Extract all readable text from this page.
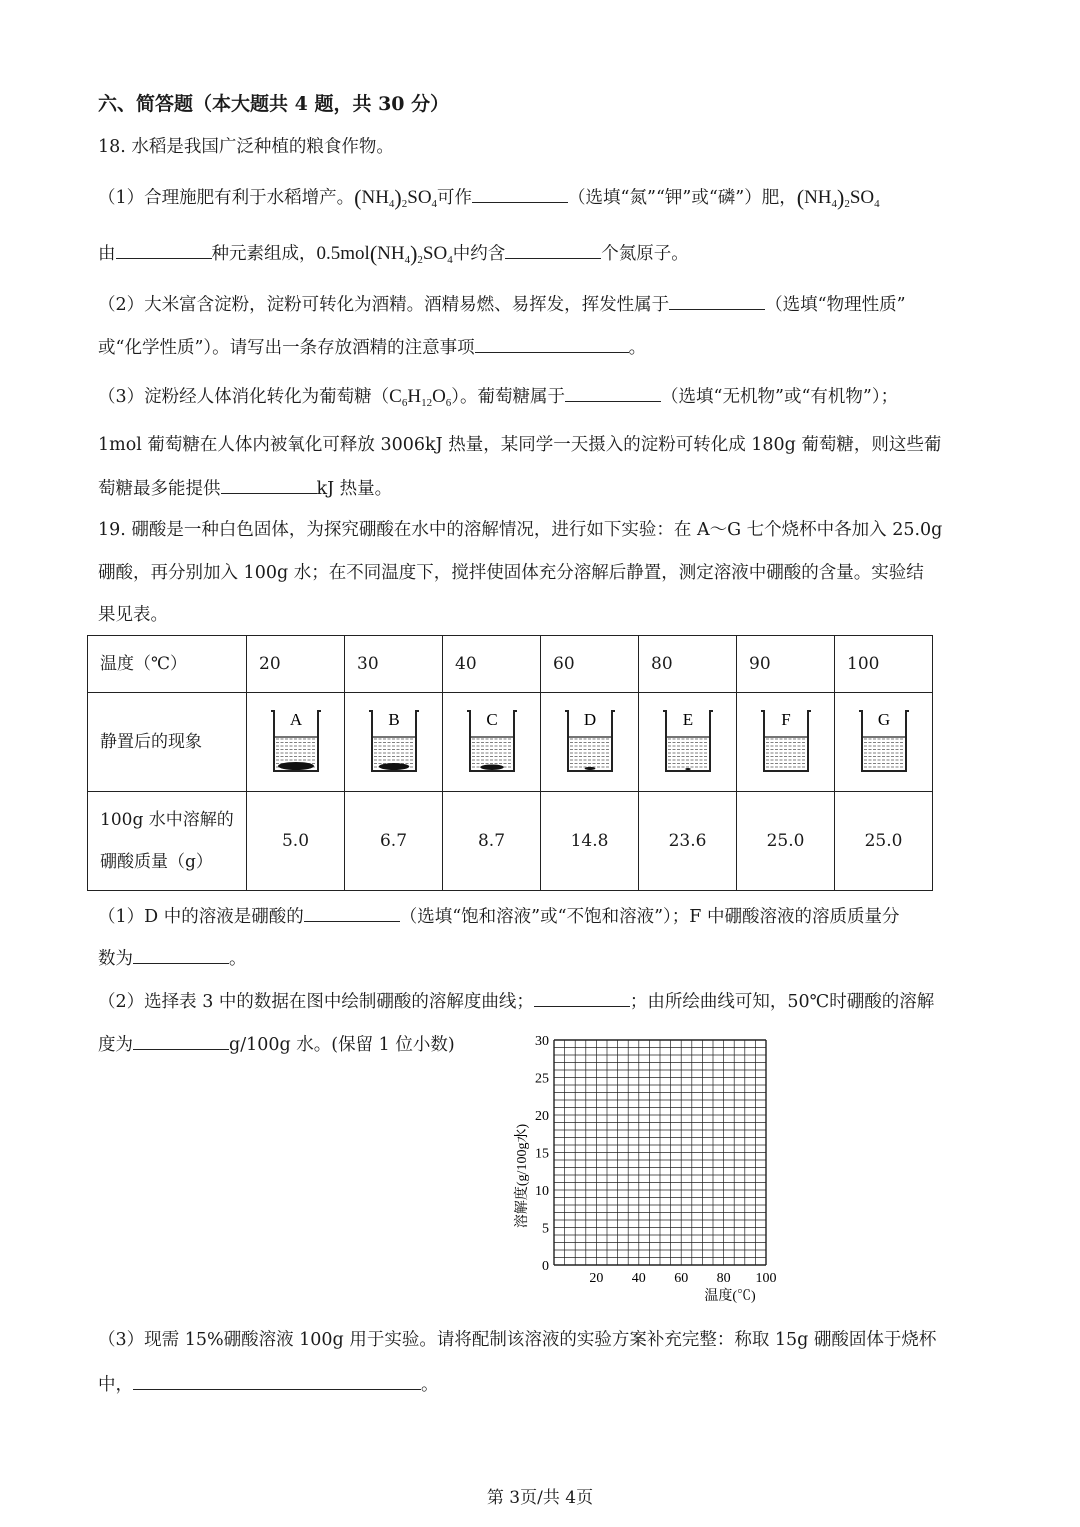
六、简答题（本大题共 4 题，共 30 分）
18. 水稻是我国广泛种植的粮食作物。
（1）合理施肥有利于水稻增产。$(NH_4)_2SO_4$可作	（选填“氮”“钾”或“磷”）肥，$(NH_4)_2SO_4$
由	种元素组成，$0.5mol(NH_4)_2SO_4$中约含	个氮原子。
（2）大米富含淀粉，淀粉可转化为酒精。酒精易燃、易挥发，挥发性属于	（选填“物理性质”
或“化学性质”）。请写出一条存放酒精的注意事项	。
（3）淀粉经人体消化转化为葡萄糖$(C_6H_{12}O_6)$。葡萄糖属于	（选填“无机物”或“有机物”）；
1mol 葡萄糖在人体内被氧化可释放 3006kJ 热量，某同学一天摄入的淀粉可转化成 180g 葡萄糖，则这些葡
萄糖最多能提供	kJ 热量。
19. 硼酸是一种白色固体，为探究硼酸在水中的溶解情况，进行如下实验：在 A～G 七个烧杯中各加入 25.0g
硼酸，再分别加入 100g 水；在不同温度下，搅拌使固体充分溶解后静置，测定溶液中硼酸的含量。实验结
果见表。
温度（℃）	20	30	40	60	80	90	100
静置后的现象	A	B	C	D	E	F	G

100g 水中溶解的
硼酸质量（g）	5.0	6.7	8.7	14.8	23.6	25.0	25.0
（1）D 中的溶液是硼酸的	（选填“饱和溶液”或“不饱和溶液”）；F 中硼酸溶液的溶质质量分
数为	。
（2）选择表 3 中的数据在图中绘制硼酸的溶解度曲线；	；由所绘曲线可知，50℃时硼酸的溶解
度为	g/100g 水。(保留 1 位小数)
溶解度(g/100g水)
温度(℃)
0
5
10
15
20
25
30
20 40 60 80 100
（3）现需 15%硼酸溶液 100g 用于实验。请将配制该溶液的实验方案补充完整：称取 15g 硼酸固体于烧杯
中，	。
第 3页/共 4页
